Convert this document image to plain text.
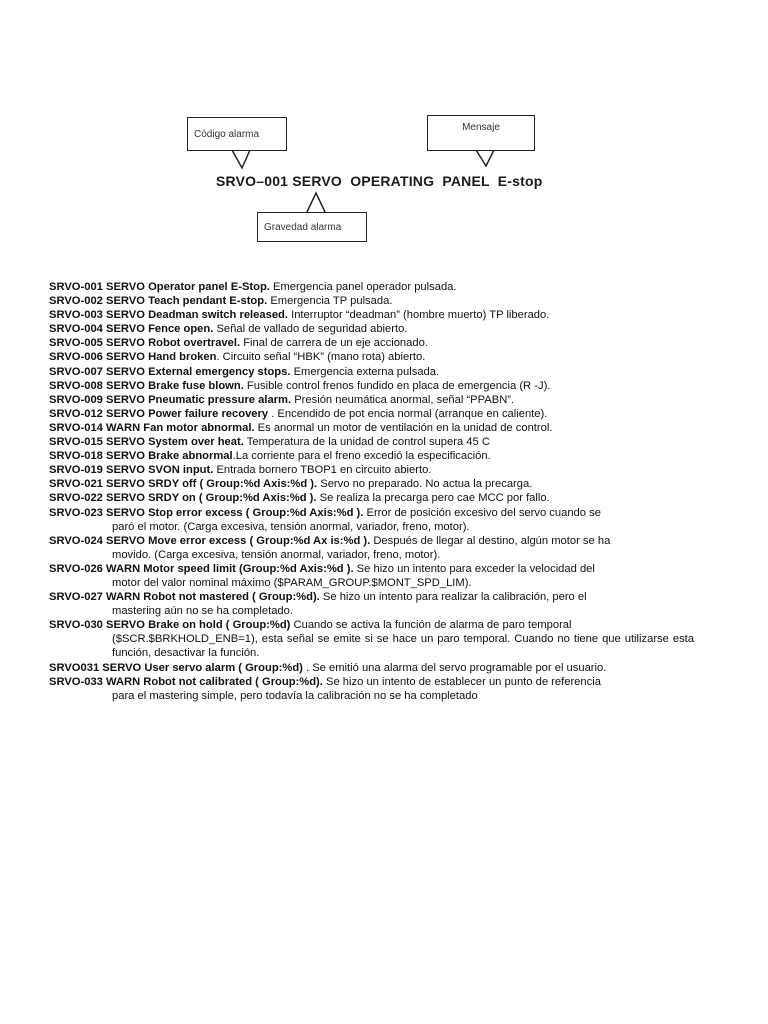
Código alarma
Mensaje
Gravedad alarma
SRVO–001 SERVO  OPERATING  PANEL  E-stop
SRVO-001 SERVO Operator panel E-Stop. Emergencia panel operador pulsada.
SRVO-002 SERVO Teach pendant E-stop. Emergencia TP pulsada.
SRVO-003 SERVO Deadman switch released. Interruptor “deadman” (hombre muerto) TP liberado.
SRVO-004 SERVO Fence open. Señal de vallado de seguridad abierto.
SRVO-005 SERVO Robot overtravel. Final de carrera de un eje accionado.
SRVO-006 SERVO Hand broken. Circuito señal “HBK” (mano rota) abierto.
SRVO-007 SERVO External emergency stops. Emergencia externa pulsada.
SRVO-008 SERVO Brake fuse blown. Fusible control frenos fundido en placa de emergencia (R -J).
SRVO-009 SERVO Pneumatic pressure alarm. Presión neumática anormal, señal “PPABN”.
SRVO-012 SERVO Power failure recovery . Encendido de pot encia normal (arranque en caliente).
SRVO-014 WARN Fan motor abnormal. Es anormal un motor de ventilación en la unidad de control.
SRVO-015 SERVO System over heat. Temperatura de la unidad de control supera 45 C
SRVO-018 SERVO Brake abnormal.La corriente para el freno excedió la especificación.
SRVO-019 SERVO SVON input. Entrada bornero TBOP1 en circuito abierto.
SRVO-021 SERVO SRDY off ( Group:%d Axis:%d ). Servo no preparado. No actua la precarga.
SRVO-022 SERVO SRDY on ( Group:%d Axis:%d ). Se realiza la precarga pero cae MCC por fallo.
SRVO-023 SERVO Stop error excess ( Group:%d Axis:%d ). Error de posición excesivo del servo cuando se
paró el motor. (Carga excesiva, tensión anormal, variador, freno, motor).
SRVO-024 SERVO Move error excess ( Group:%d Ax is:%d ). Después de llegar al destino, algún motor se ha
movido. (Carga excesiva, tensión anormal, variador, freno, motor).
SRVO-026 WARN Motor speed limit (Group:%d Axis:%d ). Se hizo un intento para exceder la velocidad del
motor del valor nominal máximo ($PARAM_GROUP.$MONT_SPD_LIM).
SRVO-027 WARN Robot not mastered ( Group:%d). Se hizo un intento para realizar la calibración, pero el
mastering aún no se ha completado.
SRVO-030 SERVO Brake on hold ( Group:%d) Cuando se activa la función de alarma de paro temporal
($SCR.$BRKHOLD_ENB=1), esta señal se emite si se hace un paro temporal. Cuando no tiene que utilizarse esta función, desactivar la función.
SRVO031 SERVO User servo alarm ( Group:%d) . Se emitió una alarma del servo programable por el usuario.
SRVO-033 WARN Robot not calibrated ( Group:%d). Se hizo un intento de establecer un punto de referencia
para el mastering simple, pero todavía la calibración no se ha completado
